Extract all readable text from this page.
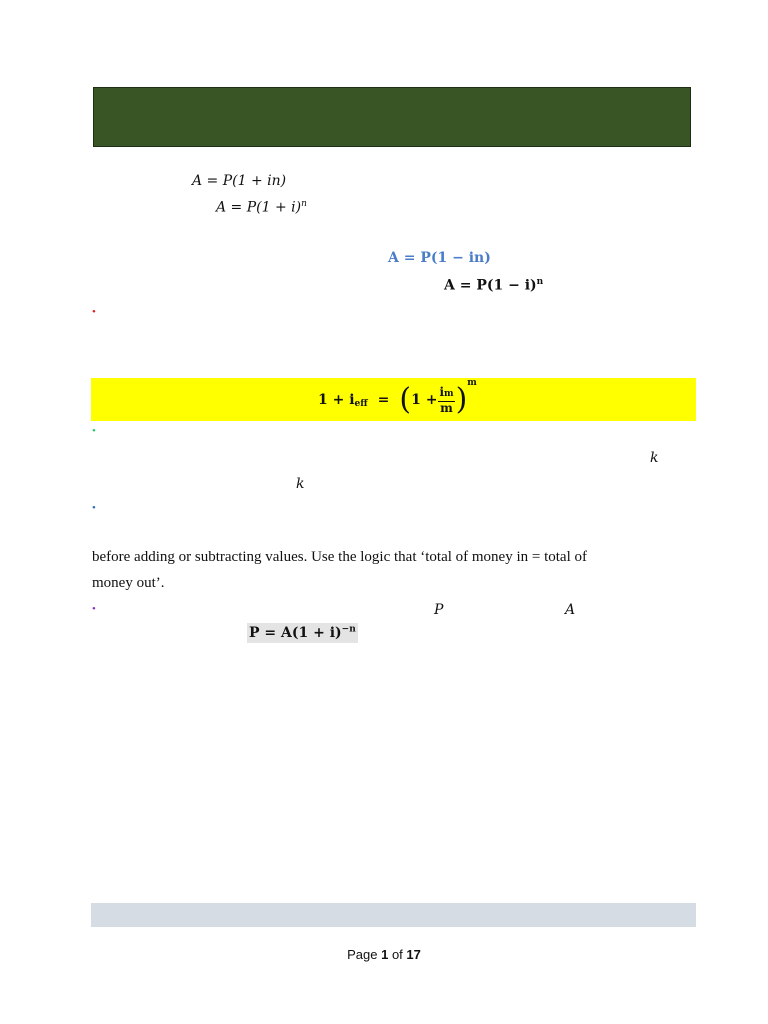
A = P(1 + in)
$A = P(1 + i)^n$
A = P(1 − in)
$A = P(1 - i)^n$
•
1 + i eff = ( $1 + \frac{im}{m}$ ) m
•
k
k
•
before adding or subtracting values. Use the logic that ‘total of money in = total of
money out’.
•	P	A
$P = A(1 + i)^{-n}$
Page 1 of 17
